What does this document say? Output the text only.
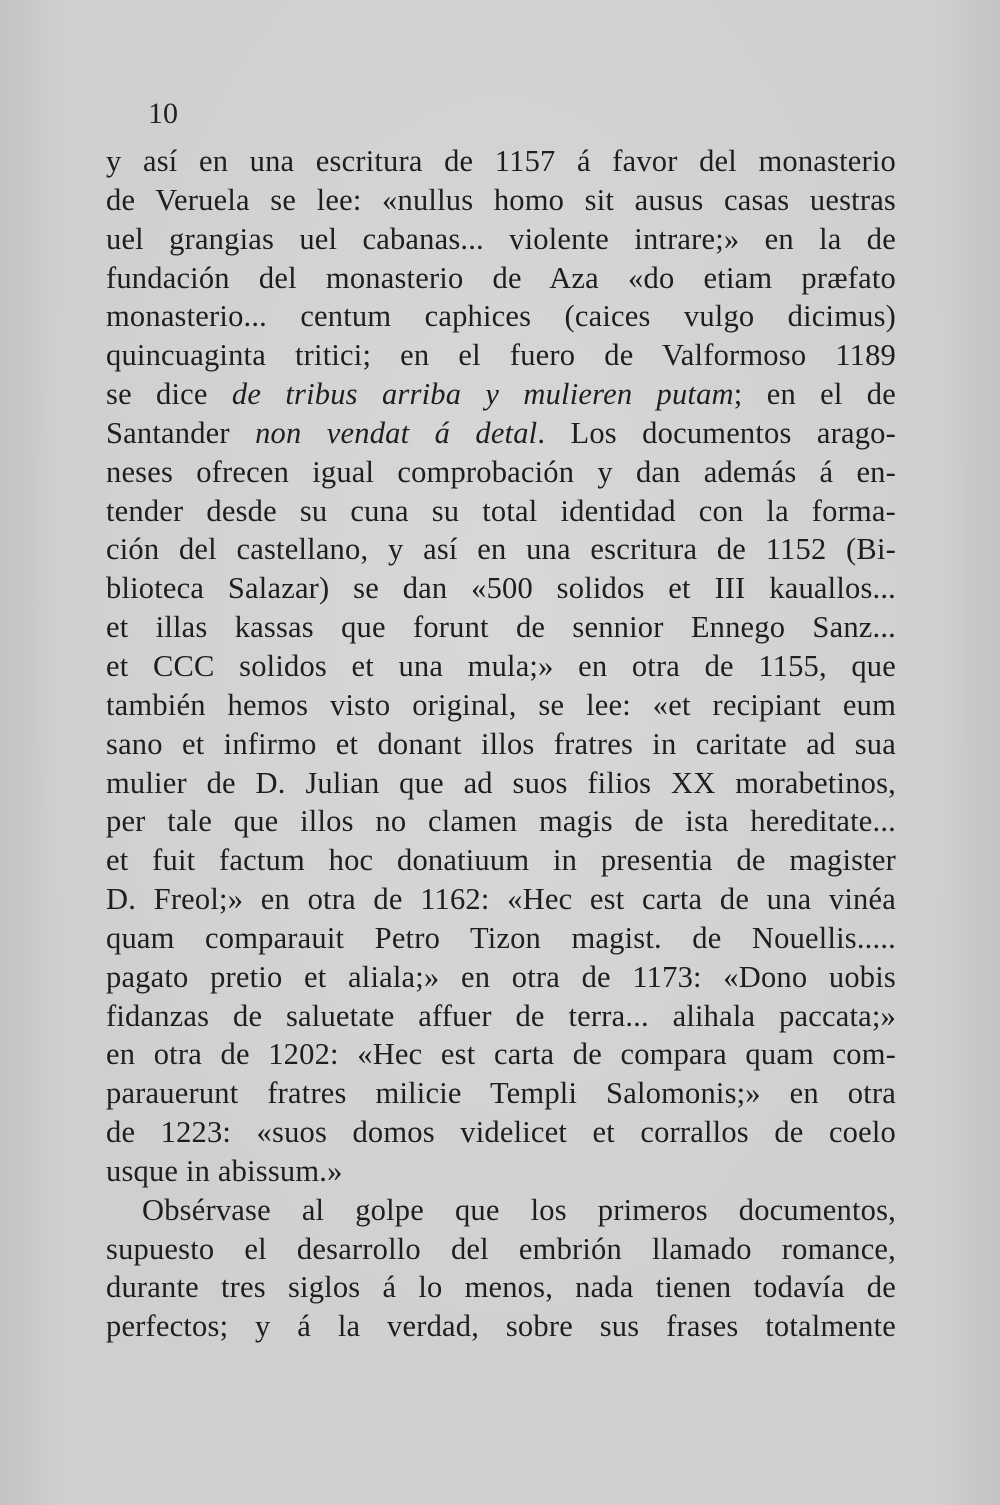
10
y así en una escritura de 1157 á favor del monasterio
de Veruela se lee: «nullus homo sit ausus casas uestras
uel grangias uel cabanas... violente intrare;» en la de
fundación del monasterio de Aza «do etiam præfato
monasterio... centum caphices (caices vulgo dicimus)
quincuaginta tritici; en el fuero de Valformoso 1189
se dice de tribus arriba y mulieren putam; en el de
Santander non vendat á detal. Los documentos arago-
neses ofrecen igual comprobación y dan además á en-
tender desde su cuna su total identidad con la forma-
ción del castellano, y así en una escritura de 1152 (Bi-
blioteca Salazar) se dan «500 solidos et III kauallos...
et illas kassas que forunt de sennior Ennego Sanz...
et CCC solidos et una mula;» en otra de 1155, que
también hemos visto original, se lee: «et recipiant eum
sano et infirmo et donant illos fratres in caritate ad sua
mulier de D. Julian que ad suos filios XX morabetinos,
per tale que illos no clamen magis de ista hereditate...
et fuit factum hoc donatiuum in presentia de magister
D. Freol;» en otra de 1162: «Hec est carta de una vinéa
quam comparauit Petro Tizon magist. de Nouellis.....
pagato pretio et aliala;» en otra de 1173: «Dono uobis
fidanzas de saluetate affuer de terra... alihala paccata;»
en otra de 1202: «Hec est carta de compara quam com-
parauerunt fratres milicie Templi Salomonis;» en otra
de 1223: «suos domos videlicet et corrallos de coelo
usque in abissum.»
Obsérvase al golpe que los primeros documentos,
supuesto el desarrollo del embrión llamado romance,
durante tres siglos á lo menos, nada tienen todavía de
perfectos; y á la verdad, sobre sus frases totalmente
